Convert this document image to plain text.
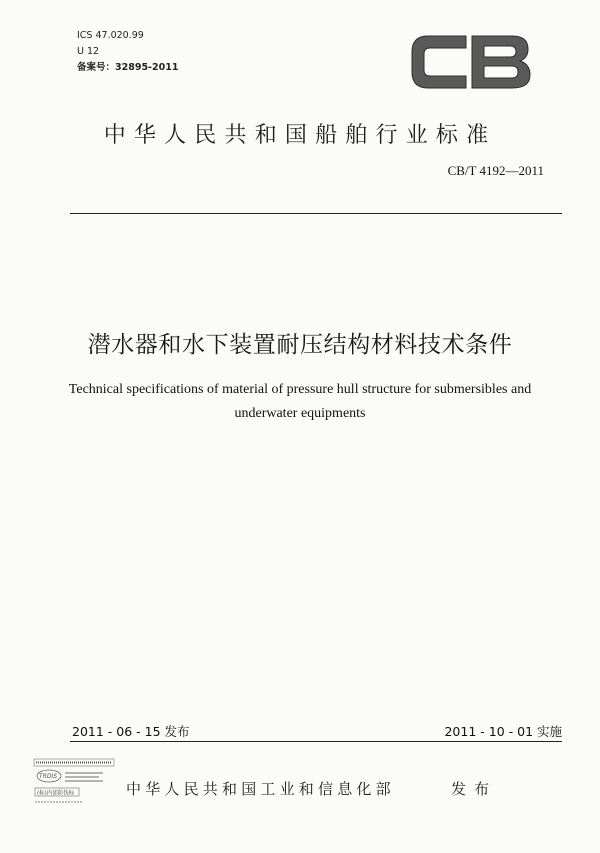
ICS 47.020.99
U 12
备案号：32895-2011
中华人民共和国船舶行业标准
CB/T 4192—2011
潜水器和水下装置耐压结构材料技术条件
Technical specifications of material of pressure hull structure for submersibles and underwater equipments
2011 - 06 - 15 发布	2011 - 10 - 01 实施
TRDIS
(标)内部防伪标	中华人民共和国工业和信息化部	发布
